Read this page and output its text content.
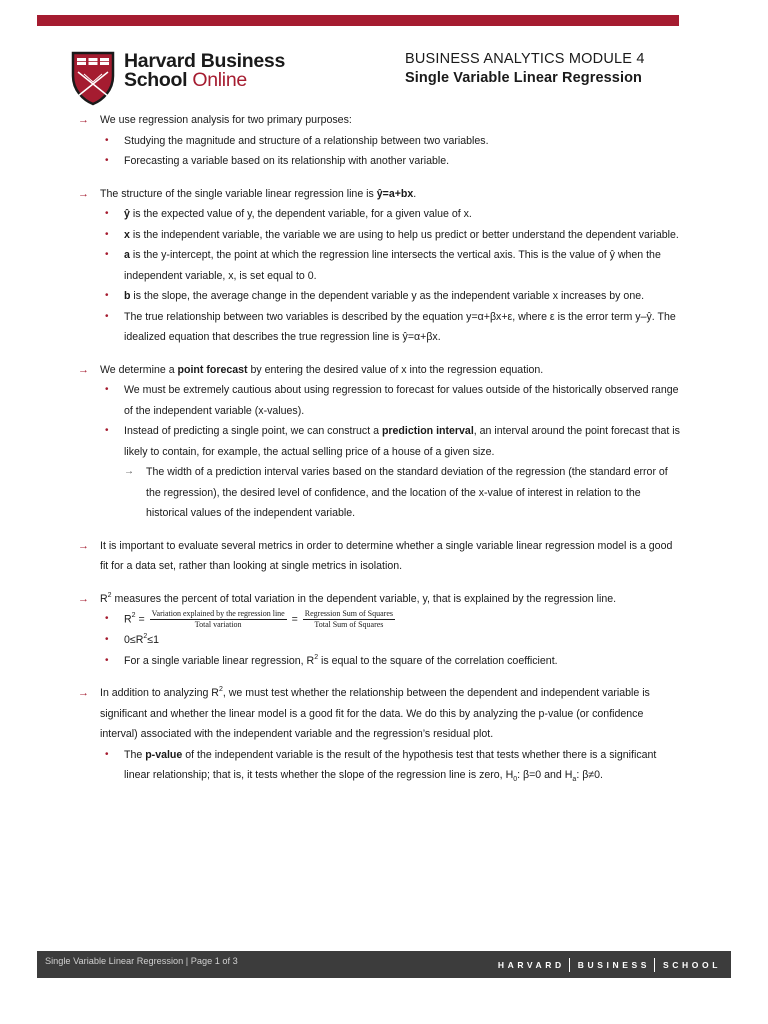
Harvard Business
School Online
BUSINESS ANALYTICS MODULE 4
Single Variable Linear Regression
→ We use regression analysis for two primary purposes:
• Studying the magnitude and structure of a relationship between two variables.
• Forecasting a variable based on its relationship with another variable.
→ The structure of the single variable linear regression line is ŷ=a+bx.
• ŷ is the expected value of y, the dependent variable, for a given value of x.
• x is the independent variable, the variable we are using to help us predict or better understand the dependent variable.
• a is the y-intercept, the point at which the regression line intersects the vertical axis. This is the value of ŷ when the independent variable, x, is set equal to 0.
• b is the slope, the average change in the dependent variable y as the independent variable x increases by one.
• The true relationship between two variables is described by the equation y=α+βx+ε, where ε is the error term y–ŷ. The idealized equation that describes the true regression line is ŷ=α+βx.
→ We determine a point forecast by entering the desired value of x into the regression equation.
• We must be extremely cautious about using regression to forecast for values outside of the historically observed range of the independent variable (x-values).
• Instead of predicting a single point, we can construct a prediction interval, an interval around the point forecast that is likely to contain, for example, the actual selling price of a house of a given size.
→ The width of a prediction interval varies based on the standard deviation of the regression (the standard error of the regression), the desired level of confidence, and the location of the x-value of interest in relation to the historical values of the independent variable.
→ It is important to evaluate several metrics in order to determine whether a single variable linear regression model is a good fit for a data set, rather than looking at single metrics in isolation.
→ $R^2$ measures the percent of total variation in the dependent variable, y, that is explained by the regression line.
• $R^2 = \frac{\text{Variation explained by the regression line}}{\text{Total variation}} = \frac{\text{Regression Sum of Squares}}{\text{Total Sum of Squares}}$
• $0\le R^2\le 1$
• For a single variable linear regression, $R^2$ is equal to the square of the correlation coefficient.
→ In addition to analyzing $R^2$, we must test whether the relationship between the dependent and independent variable is significant and whether the linear model is a good fit for the data. We do this by analyzing the p-value (or confidence interval) associated with the independent variable and the regression’s residual plot.
• The p-value of the independent variable is the result of the hypothesis test that tests whether there is a significant linear relationship; that is, it tests whether the slope of the regression line is zero, $H_0$: β=0 and $H_a$: β≠0.
Single Variable Linear Regression | Page 1 of 3	HARVARD BUSINESS SCHOOL
